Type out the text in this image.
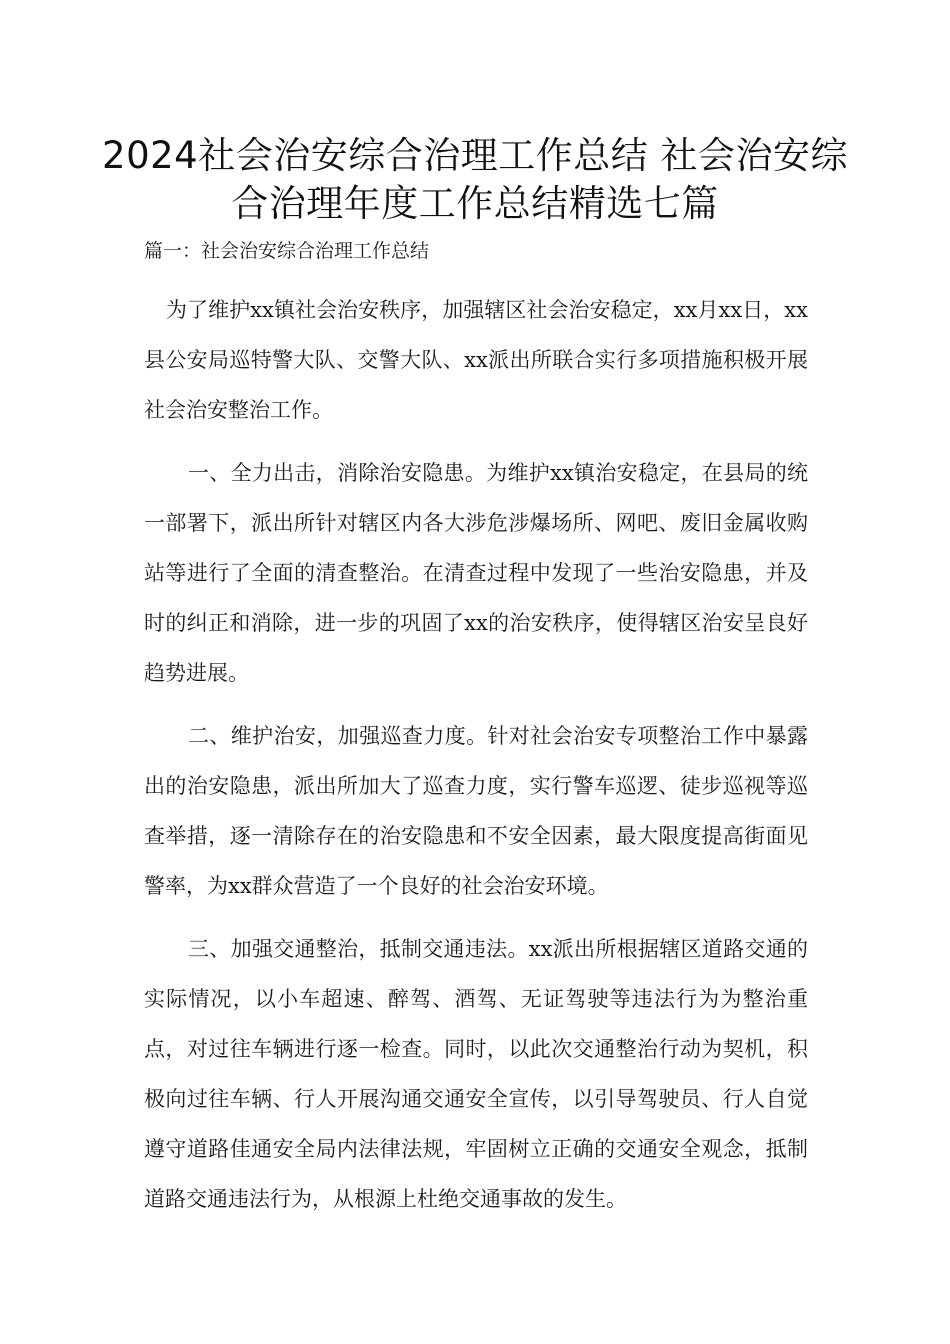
2024社会治安综合治理工作总结 社会治安综合治理年度工作总结精选七篇

篇一：社会治安综合治理工作总结

为了维护xx镇社会治安秩序，加强辖区社会治安稳定，xx月xx日，xx县公安局巡特警大队、交警大队、xx派出所联合实行多项措施积极开展社会治安整治工作。

一、全力出击，消除治安隐患。为维护xx镇治安稳定，在县局的统一部署下，派出所针对辖区内各大涉危涉爆场所、网吧、废旧金属收购站等进行了全面的清查整治。在清查过程中发现了一些治安隐患，并及时的纠正和消除，进一步的巩固了xx的治安秩序，使得辖区治安呈良好趋势进展。

二、维护治安，加强巡查力度。针对社会治安专项整治工作中暴露出的治安隐患，派出所加大了巡查力度，实行警车巡逻、徒步巡视等巡查举措，逐一清除存在的治安隐患和不安全因素，最大限度提高街面见警率，为xx群众营造了一个良好的社会治安环境。

三、加强交通整治，抵制交通违法。xx派出所根据辖区道路交通的实际情况，以小车超速、醉驾、酒驾、无证驾驶等违法行为为整治重点，对过往车辆进行逐一检查。同时，以此次交通整治行动为契机，积极向过往车辆、行人开展沟通交通安全宣传，以引导驾驶员、行人自觉遵守道路佳通安全局内法律法规，牢固树立正确的交通安全观念，抵制道路交通违法行为，从根源上杜绝交通事故的发生。
